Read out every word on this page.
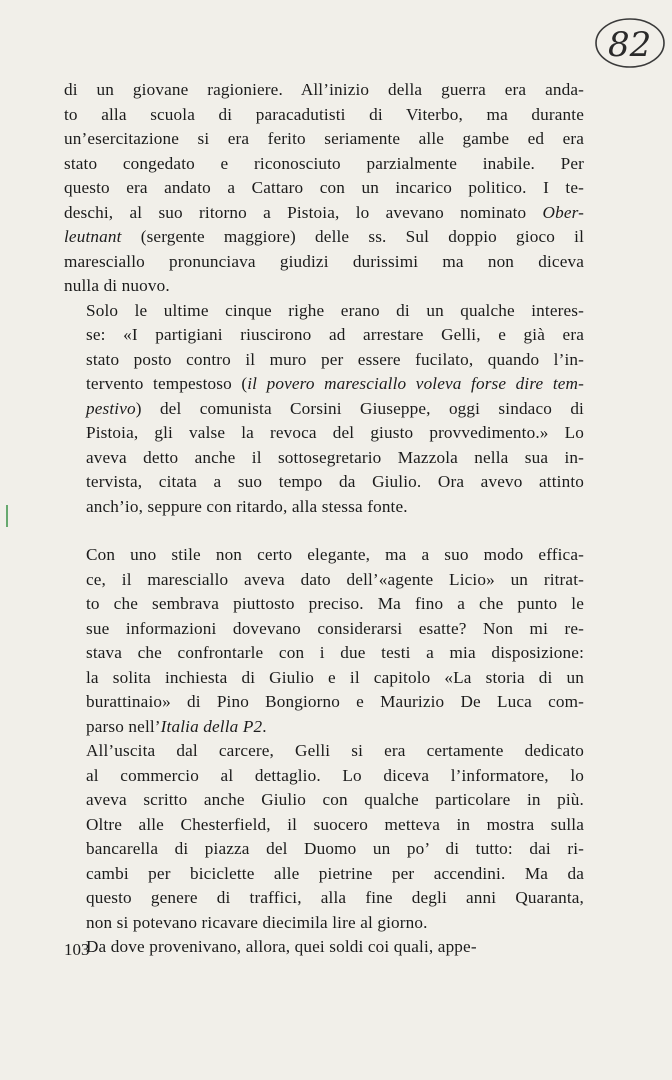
82

di un giovane ragioniere. All’inizio della guerra era anda-
to alla scuola di paracadutisti di Viterbo, ma durante
un’esercitazione si era ferito seriamente alle gambe ed era
stato congedato e riconosciuto parzialmente inabile. Per
questo era andato a Cattaro con un incarico politico. I te-
deschi, al suo ritorno a Pistoia, lo avevano nominato Ober-
leutnant (sergente maggiore) delle ss. Sul doppio gioco il
maresciallo pronunciava giudizi durissimi ma non diceva
nulla di nuovo.

Solo le ultime cinque righe erano di un qualche interes-
se: «I partigiani riuscirono ad arrestare Gelli, e già era
stato posto contro il muro per essere fucilato, quando l’in-
tervento tempestoso (il povero maresciallo voleva forse dire tem-
pestivo) del comunista Corsini Giuseppe, oggi sindaco di
Pistoia, gli valse la revoca del giusto provvedimento.» Lo
aveva detto anche il sottosegretario Mazzola nella sua in-
tervista, citata a suo tempo da Giulio. Ora avevo attinto
anch’io, seppure con ritardo, alla stessa fonte.

Con uno stile non certo elegante, ma a suo modo effica-
ce, il maresciallo aveva dato dell’«agente Licio» un ritrat-
to che sembrava piuttosto preciso. Ma fino a che punto le
sue informazioni dovevano considerarsi esatte? Non mi re-
stava che confrontarle con i due testi a mia disposizione:
la solita inchiesta di Giulio e il capitolo «La storia di un
burattinaio» di Pino Bongiorno e Maurizio De Luca com-
parso nell’Italia della P2.

All’uscita dal carcere, Gelli si era certamente dedicato
al commercio al dettaglio. Lo diceva l’informatore, lo
aveva scritto anche Giulio con qualche particolare in più.
Oltre alle Chesterfield, il suocero metteva in mostra sulla
bancarella di piazza del Duomo un po’ di tutto: dai ri-
cambi per biciclette alle pietrine per accendini. Ma da
questo genere di traffici, alla fine degli anni Quaranta,
non si potevano ricavare diecimila lire al giorno.

Da dove provenivano, allora, quei soldi coi quali, appe-

103
